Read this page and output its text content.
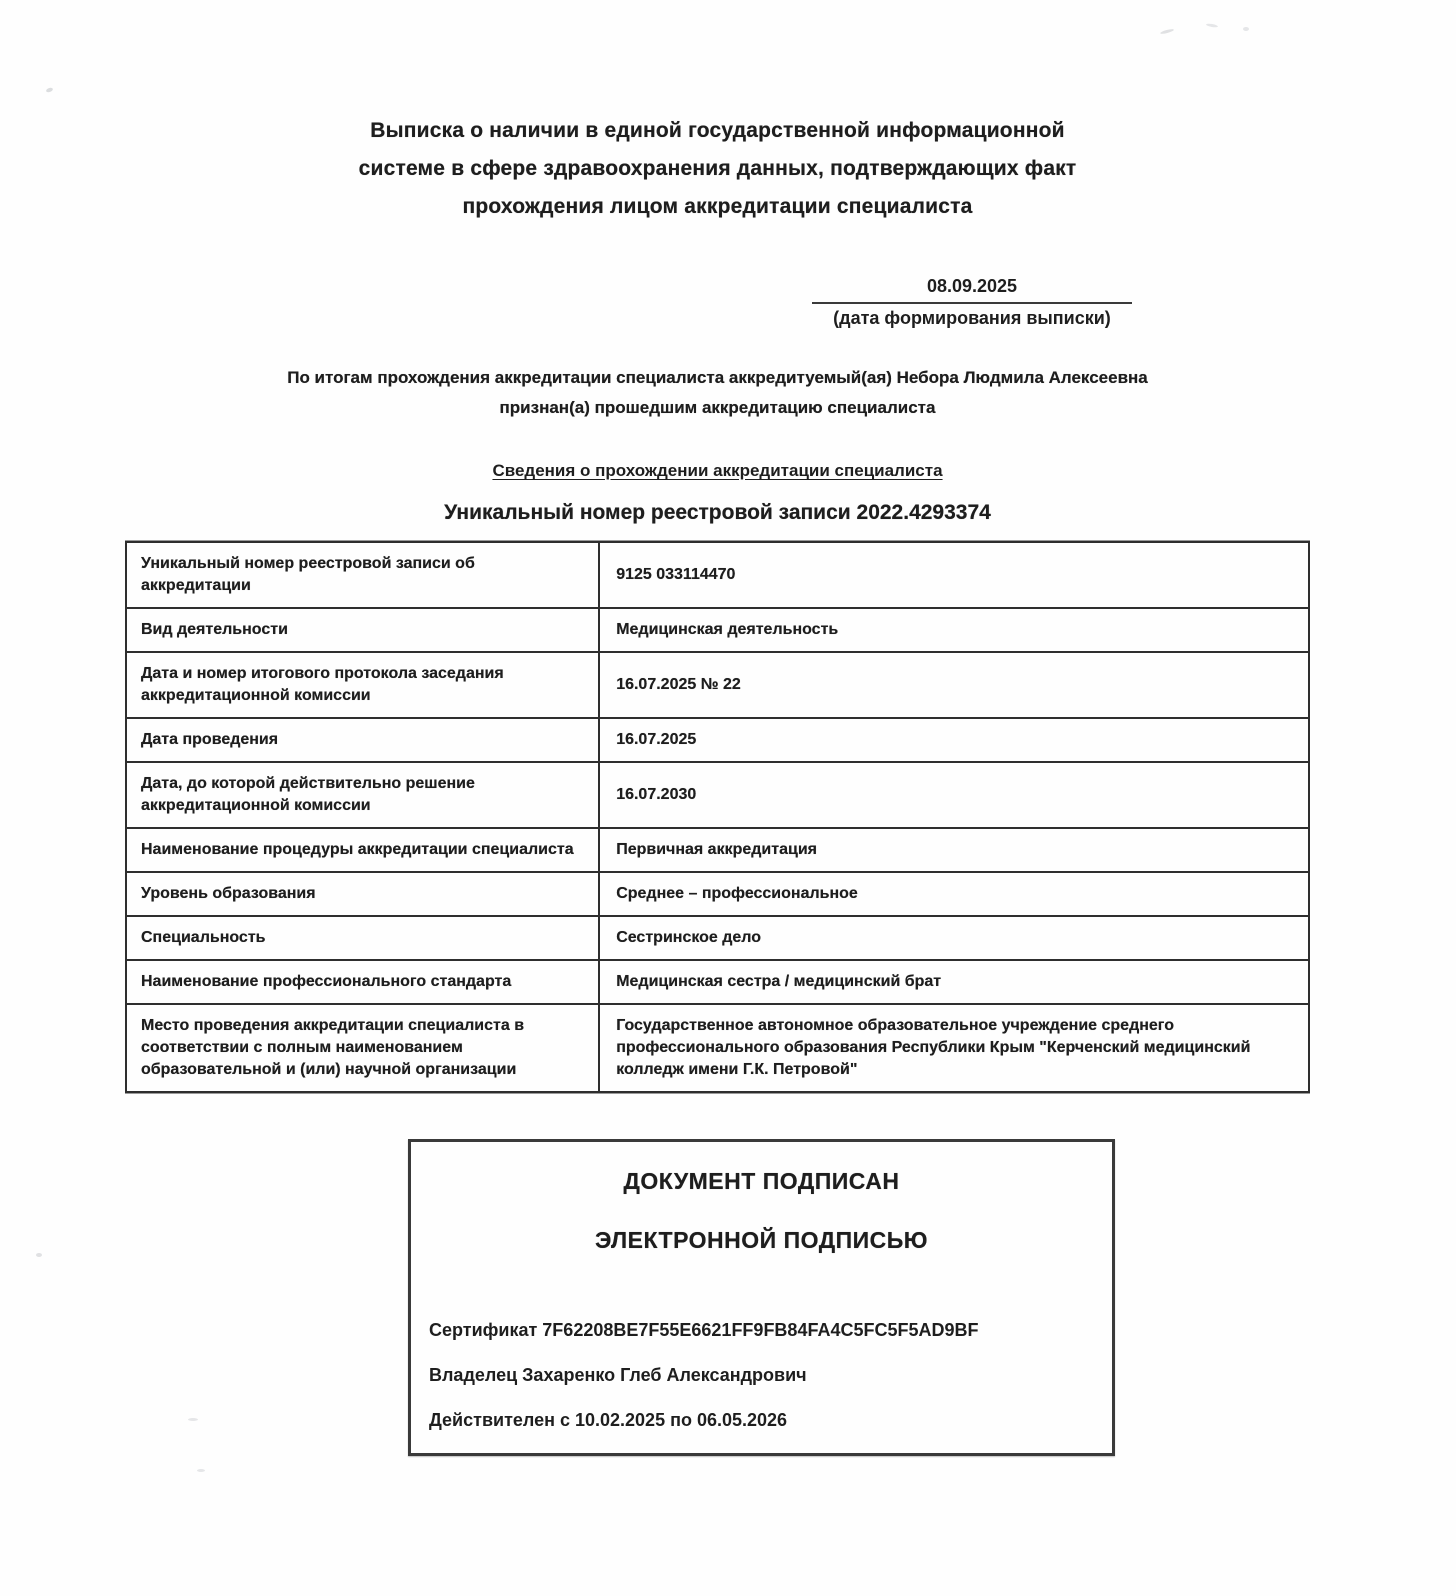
Выписка о наличии в единой государственной информационной
системе в сфере здравоохранения данных, подтверждающих факт
прохождения лицом аккредитации специалиста
08.09.2025
(дата формирования выписки)
По итогам прохождения аккредитации специалиста аккредитуемый(ая) Небора Людмила Алексеевна
признан(а) прошедшим аккредитацию специалиста
Сведения о прохождении аккредитации специалиста
Уникальный номер реестровой записи 2022.4293374
Уникальный номер реестровой записи об аккредитации	9125 033114470
Вид деятельности	Медицинская деятельность
Дата и номер итогового протокола заседания аккредитационной комиссии	16.07.2025 № 22
Дата проведения	16.07.2025
Дата, до которой действительно решение аккредитационной комиссии	16.07.2030
Наименование процедуры аккредитации специалиста	Первичная аккредитация
Уровень образования	Среднее – профессиональное
Специальность	Сестринское дело
Наименование профессионального стандарта	Медицинская сестра / медицинский брат
Место проведения аккредитации специалиста в соответствии с полным наименованием образовательной и (или) научной организации	Государственное автономное образовательное учреждение среднего профессионального образования Республики Крым "Керченский медицинский колледж имени Г.К. Петровой"
ДОКУМЕНТ ПОДПИСАН
ЭЛЕКТРОННОЙ ПОДПИСЬЮ
Сертификат 7F62208BE7F55E6621FF9FB84FA4C5FC5F5AD9BF
Владелец Захаренко Глеб Александрович
Действителен с 10.02.2025 по 06.05.2026
